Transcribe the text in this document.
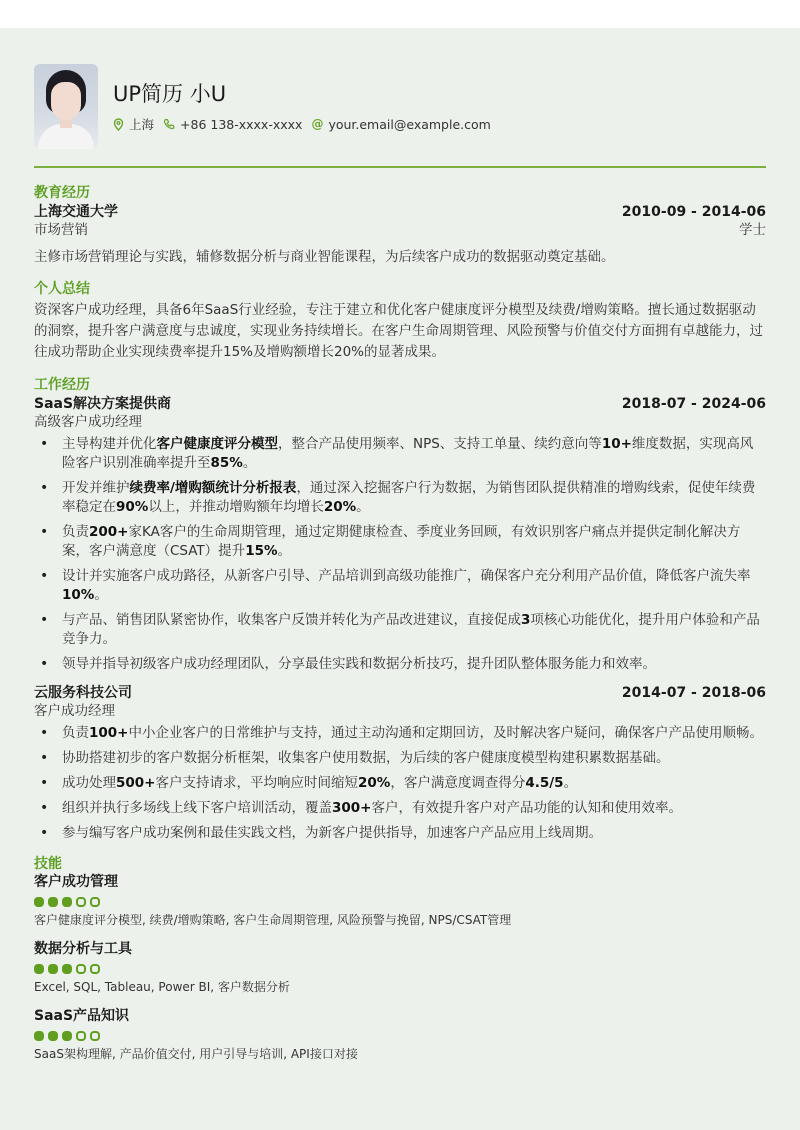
UP简历 小U
上海 +86 138-xxxx-xxxx @ your.email@example.com
教育经历
上海交通大学	2010-09 - 2014-06
市场营销	学士
主修市场营销理论与实践，辅修数据分析与商业智能课程，为后续客户成功的数据驱动奠定基础。
个人总结
资深客户成功经理，具备6年SaaS行业经验，专注于建立和优化客户健康度评分模型及续费/增购策略。擅长通过数据驱动的洞察，提升客户满意度与忠诚度，实现业务持续增长。在客户生命周期管理、风险预警与价值交付方面拥有卓越能力，过往成功帮助企业实现续费率提升15%及增购额增长20%的显著成果。
工作经历
SaaS解决方案提供商	2018-07 - 2024-06
高级客户成功经理
• 主导构建并优化客户健康度评分模型，整合产品使用频率、NPS、支持工单量、续约意向等10+维度数据，实现高风险客户识别准确率提升至85%。
• 开发并维护续费率/增购额统计分析报表，通过深入挖掘客户行为数据，为销售团队提供精准的增购线索，促使年续费率稳定在90%以上，并推动增购额年均增长20%。
• 负责200+家KA客户的生命周期管理，通过定期健康检查、季度业务回顾，有效识别客户痛点并提供定制化解决方案，客户满意度（CSAT）提升15%。
• 设计并实施客户成功路径，从新客户引导、产品培训到高级功能推广，确保客户充分利用产品价值，降低客户流失率10%。
• 与产品、销售团队紧密协作，收集客户反馈并转化为产品改进建议，直接促成3项核心功能优化，提升用户体验和产品竞争力。
• 领导并指导初级客户成功经理团队，分享最佳实践和数据分析技巧，提升团队整体服务能力和效率。
云服务科技公司	2014-07 - 2018-06
客户成功经理
• 负责100+中小企业客户的日常维护与支持，通过主动沟通和定期回访，及时解决客户疑问，确保客户产品使用顺畅。
• 协助搭建初步的客户数据分析框架，收集客户使用数据，为后续的客户健康度模型构建积累数据基础。
• 成功处理500+客户支持请求，平均响应时间缩短20%，客户满意度调查得分4.5/5。
• 组织并执行多场线上线下客户培训活动，覆盖300+客户，有效提升客户对产品功能的认知和使用效率。
• 参与编写客户成功案例和最佳实践文档，为新客户提供指导，加速客户产品应用上线周期。
技能
客户成功管理
客户健康度评分模型, 续费/增购策略, 客户生命周期管理, 风险预警与挽留, NPS/CSAT管理
数据分析与工具
Excel, SQL, Tableau, Power BI, 客户数据分析
SaaS产品知识
SaaS架构理解, 产品价值交付, 用户引导与培训, API接口对接
